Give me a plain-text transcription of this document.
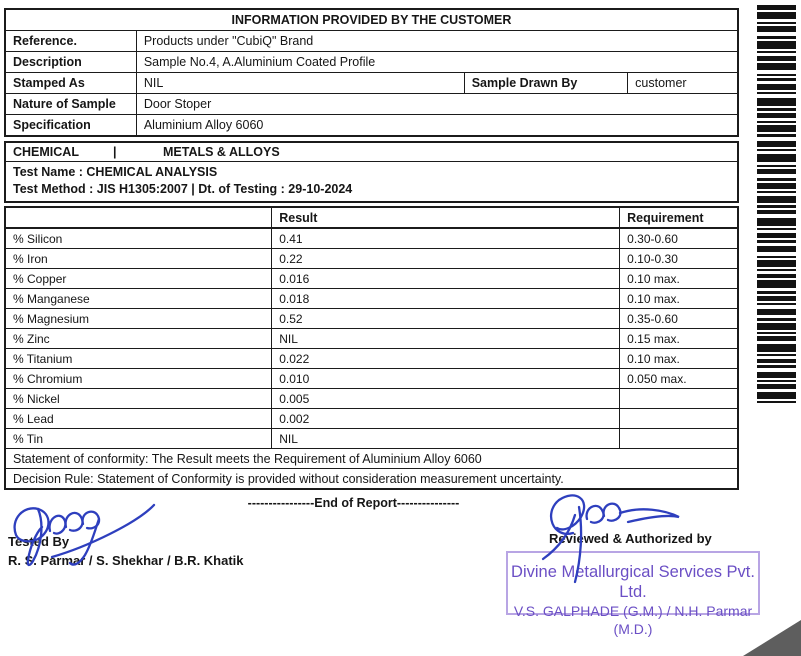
INFORMATION PROVIDED BY THE CUSTOMER			
Reference.	Products under "CubiQ" Brand		
Description	Sample No.4, A.Aluminium Coated Profile		
Stamped As	NIL	Sample Drawn By	customer
Nature of Sample	Door Stoper		
Specification	Aluminium Alloy 6060		
CHEMICAL	|	METALS & ALLOYS
Test Name : CHEMICAL ANALYSIS
Test Method : JIS H1305:2007 | Dt. of Testing : 29-10-2024
	Result	Requirement
% Silicon	0.41	0.30-0.60
% Iron	0.22	0.10-0.30
% Copper	0.016	0.10 max.
% Manganese	0.018	0.10 max.
% Magnesium	0.52	0.35-0.60
% Zinc	NIL	0.15 max.
% Titanium	0.022	0.10 max.
% Chromium	0.010	0.050 max.
% Nickel	0.005	
% Lead	0.002	
% Tin	NIL	
Statement of conformity: The Result meets the Requirement of Aluminium Alloy 6060		
Decision Rule: Statement of Conformity is provided without consideration measurement uncertainty.		
----------------End of Report---------------
Tested By
R. S. Parmar / S. Shekhar / B.R. Khatik
Reviewed & Authorized by
Divine Metallurgical Services Pvt. Ltd.
V.S. GALPHADE (G.M.) / N.H. Parmar (M.D.)
